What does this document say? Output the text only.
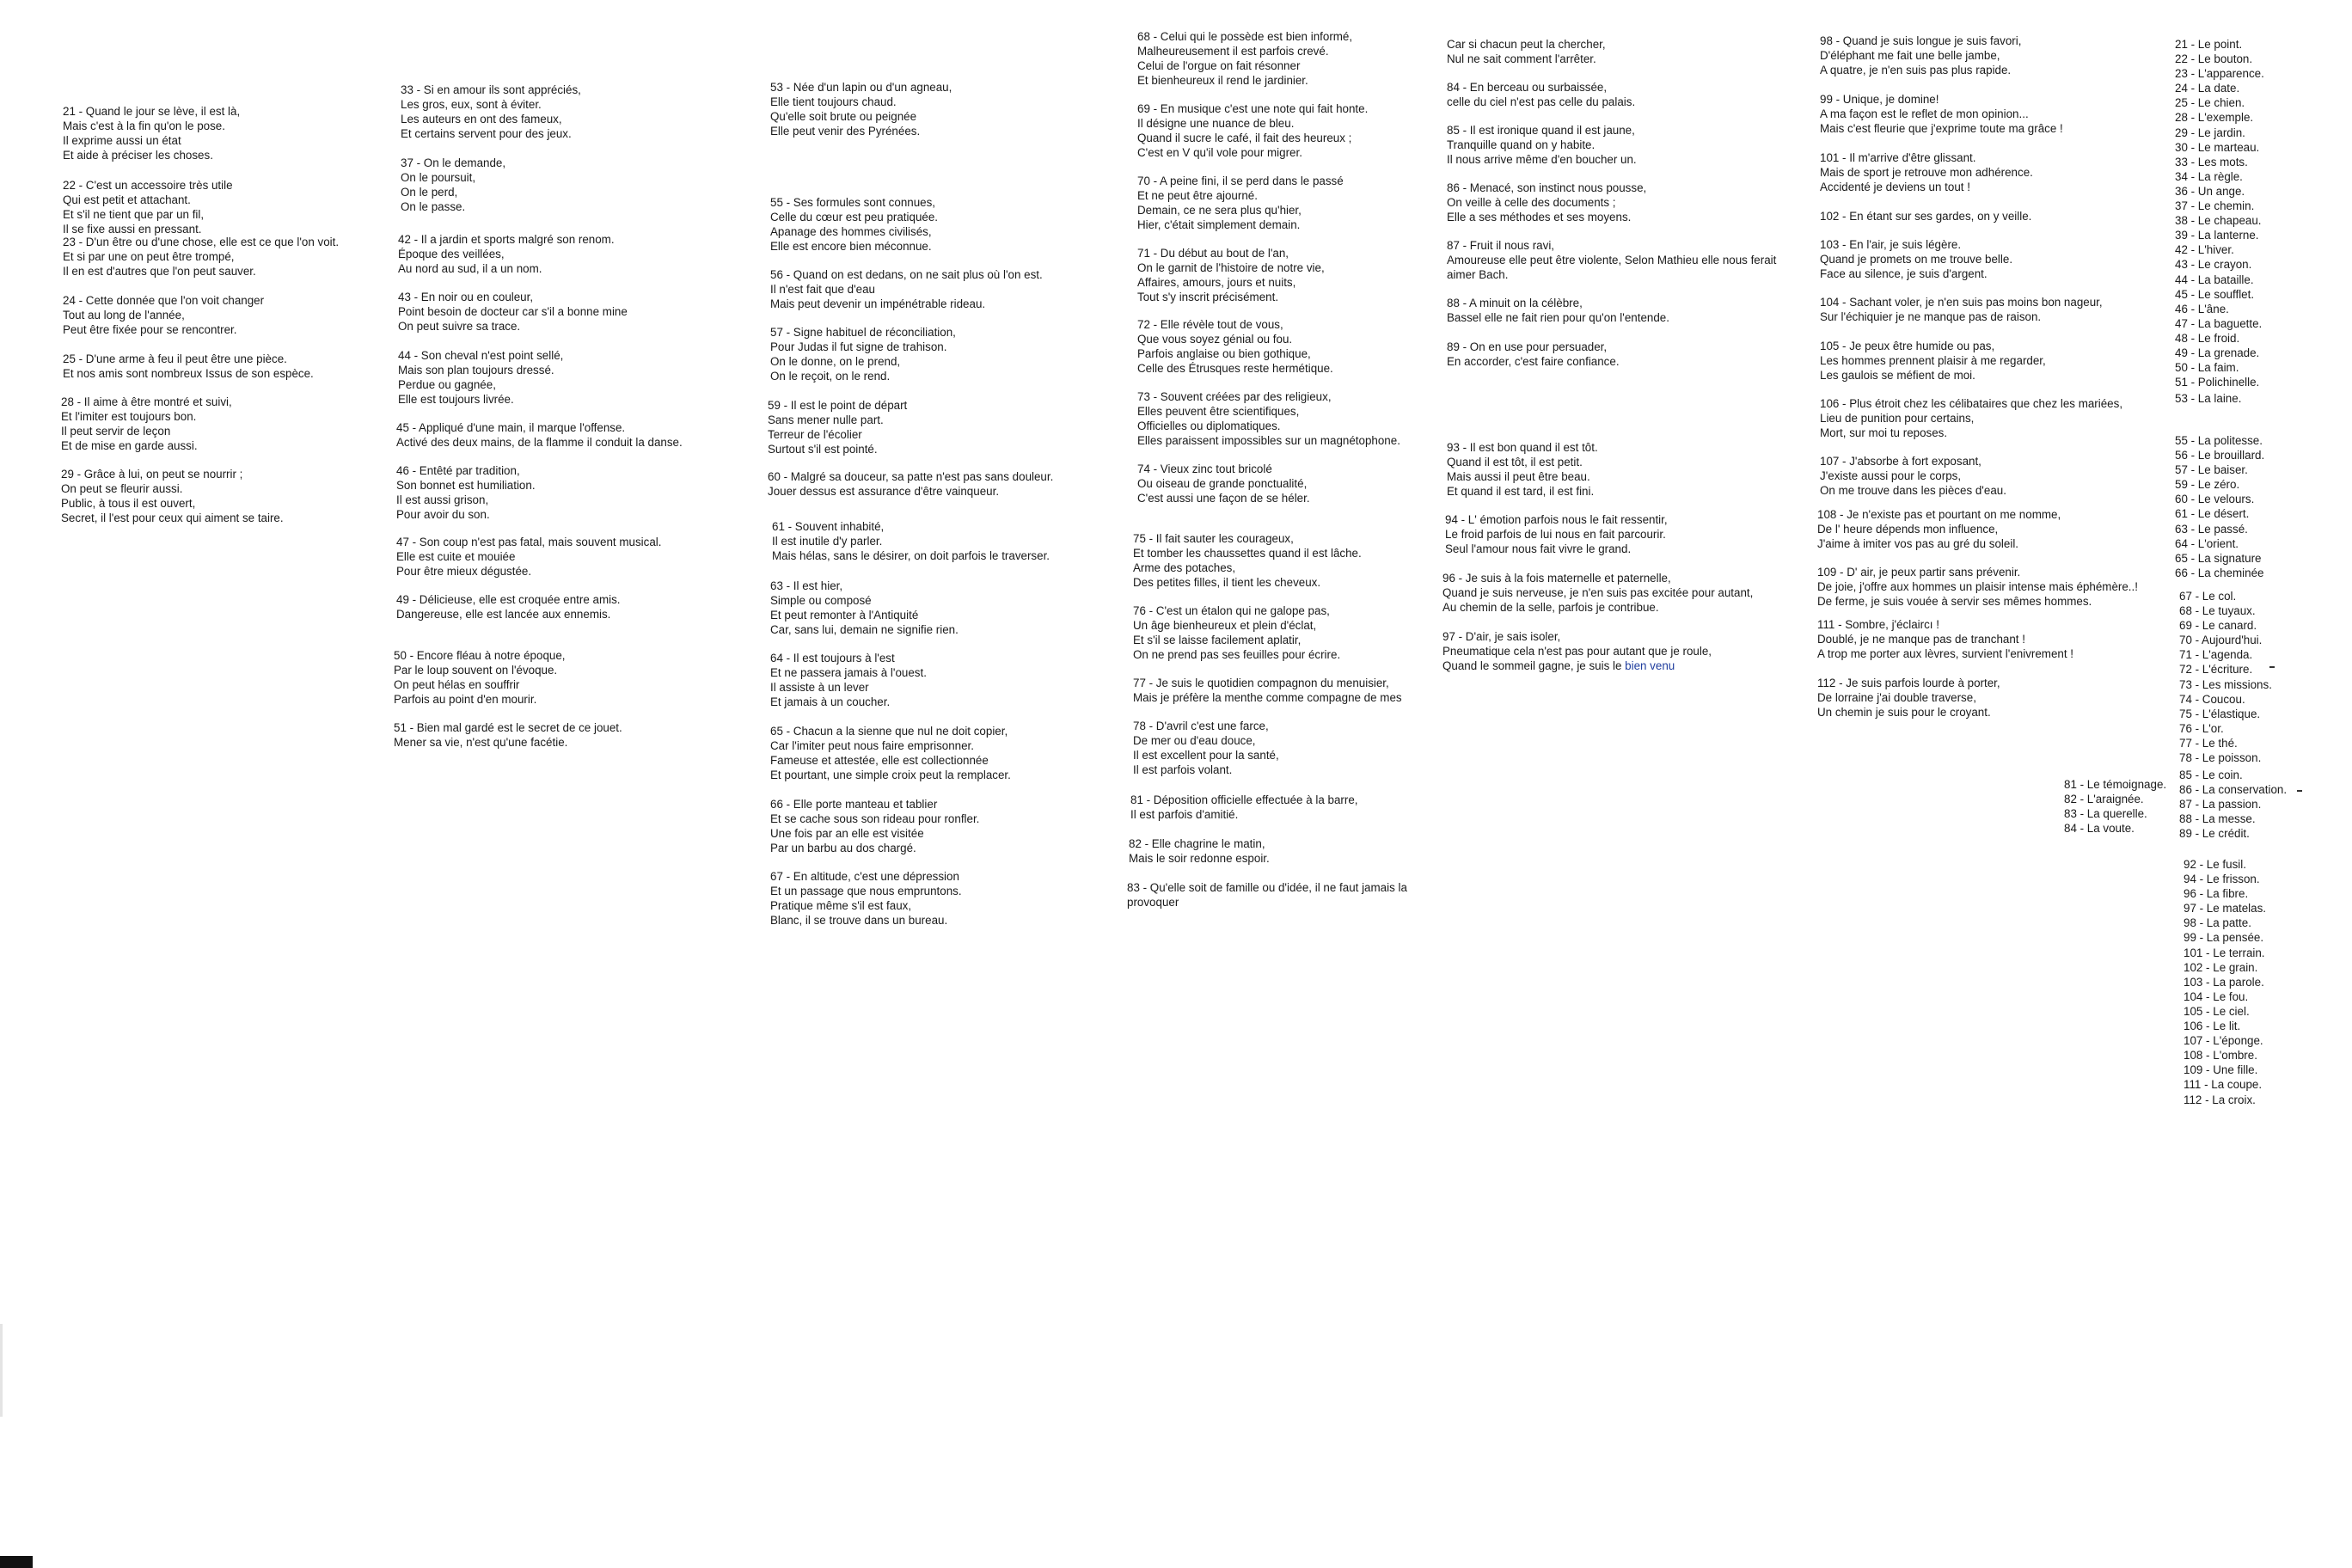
21 - Quand le jour se lève, il est là,
Mais c'est à la fin qu'on le pose.
Il exprime aussi un état
Et aide à préciser les choses.

22 - C'est un accessoire très utile
Qui est petit et attachant.
Et s'il ne tient que par un fil,
Il se fixe aussi en pressant.

23 - D'un être ou d'une chose, elle est ce que l'on voit.
Et si par une on peut être trompé,
Il en est d'autres que l'on peut sauver.

24 - Cette donnée que l'on voit changer
Tout au long de l'année,
Peut être fixée pour se rencontrer.

25 - D'une arme à feu il peut être une pièce.
Et nos amis sont nombreux Issus de son espèce.

28 - Il aime à être montré et suivi,
Et l'imiter est toujours bon.
Il peut servir de leçon
Et de mise en garde aussi.

29 - Grâce à lui, on peut se nourrir ;
On peut se fleurir aussi.
Public, à tous il est ouvert,
Secret, il l'est pour ceux qui aiment se taire.

33 - Si en amour ils sont appréciés,
Les gros, eux, sont à éviter.
Les auteurs en ont des fameux,
Et certains servent pour des jeux.

37 - On le demande,
On le poursuit,
On le perd,
On le passe.

42 - Il a jardin et sports malgré son renom.
Époque des veillées,
Au nord au sud, il a un nom.

43 - En noir ou en couleur,
Point besoin de docteur car s'il a bonne mine
On peut suivre sa trace.

44 - Son cheval n'est point sellé,
Mais son plan toujours dressé.
Perdue ou gagnée,
Elle est toujours livrée.

45 - Appliqué d'une main, il marque l'offense.
Activé des deux mains, de la flamme il conduit la danse.

46 - Entêté par tradition,
Son bonnet est humiliation.
Il est aussi grison,
Pour avoir du son.

47 - Son coup n'est pas fatal, mais souvent musical.
Elle est cuite et mouiée
Pour être mieux dégustée.

49 - Délicieuse, elle est croquée entre amis.
Dangereuse, elle est lancée aux ennemis.

50 - Encore fléau à notre époque,
Par le loup souvent on l'évoque.
On peut hélas en souffrir
Parfois au point d'en mourir.

51 - Bien mal gardé est le secret de ce jouet.
Mener sa vie, n'est qu'une facétie.

53 - Née d'un lapin ou d'un agneau,
Elle tient toujours chaud.
Qu'elle soit brute ou peignée
Elle peut venir des Pyrénées.

55 - Ses formules sont connues,
Celle du cœur est peu pratiquée.
Apanage des hommes civilisés,
Elle est encore bien méconnue.

56 - Quand on est dedans, on ne sait plus où l'on est.
Il n'est fait que d'eau
Mais peut devenir un impénétrable rideau.

57 - Signe habituel de réconciliation,
Pour Judas il fut signe de trahison.
On le donne, on le prend,
On le reçoit, on le rend.

59 - Il est le point de départ
Sans mener nulle part.
Terreur de l'écolier
Surtout s'il est pointé.

60 - Malgré sa douceur, sa patte n'est pas sans douleur.
Jouer dessus est assurance d'être vainqueur.

61 - Souvent inhabité,
Il est inutile d'y parler.
Mais hélas, sans le désirer, on doit parfois le traverser.

63 - Il est hier,
Simple ou composé
Et peut remonter à l'Antiquité
Car, sans lui, demain ne signifie rien.

64 - Il est toujours à l'est
Et ne passera jamais à l'ouest.
Il assiste à un lever
Et jamais à un coucher.

65 - Chacun a la sienne que nul ne doit copier,
Car l'imiter peut nous faire emprisonner.
Fameuse et attestée, elle est collectionnée
Et pourtant, une simple croix peut la remplacer.

66 - Elle porte manteau et tablier
Et se cache sous son rideau pour ronfler.
Une fois par an elle est visitée
Par un barbu au dos chargé.

67 - En altitude, c'est une dépression
Et un passage que nous empruntons.
Pratique même s'il est faux,
Blanc, il se trouve dans un bureau.

68 - Celui qui le possède est bien informé,
Malheureusement il est parfois crevé.
Celui de l'orgue on fait résonner
Et bienheureux il rend le jardinier.

69 - En musique c'est une note qui fait honte.
Il désigne une nuance de bleu.
Quand il sucre le café, il fait des heureux ;
C'est en V qu'il vole pour migrer.

70 - A peine fini, il se perd dans le passé
Et ne peut être ajourné.
Demain, ce ne sera plus qu'hier,
Hier, c'était simplement demain.

71 - Du début au bout de l'an,
On le garnit de l'histoire de notre vie,
Affaires, amours, jours et nuits,
Tout s'y inscrit précisément.

72 - Elle révèle tout de vous,
Que vous soyez génial ou fou.
Parfois anglaise ou bien gothique,
Celle des Étrusques reste hermétique.

73 - Souvent créées par des religieux,
Elles peuvent être scientifiques,
Officielles ou diplomatiques.
Elles paraissent impossibles sur un magnétophone.

74 - Vieux zinc tout bricolé
Ou oiseau de grande ponctualité,
C'est aussi une façon de se héler.

75 - Il fait sauter les courageux,
Et tomber les chaussettes quand il est lâche.
Arme des potaches,
Des petites filles, il tient les cheveux.

76 - C'est un étalon qui ne galope pas,
Un âge bienheureux et plein d'éclat,
Et s'il se laisse facilement aplatir,
On ne prend pas ses feuilles pour écrire.

77 - Je suis le quotidien compagnon du menuisier,
Mais je préfère la menthe comme compagne de mes

78 - D'avril c'est une farce,
De mer ou d'eau douce,
Il est excellent pour la santé,
Il est parfois volant.

81 - Déposition officielle effectuée à la barre,
Il est parfois d'amitié.

82 - Elle chagrine le matin,
Mais le soir redonne espoir.

83 - Qu'elle soit de famille ou d'idée, il ne faut jamais la
provoquer

Car si chacun peut la chercher,
Nul ne sait comment l'arrêter.

84 - En berceau ou surbaissée,
celle du ciel n'est pas celle du palais.

85 - Il est ironique quand il est jaune,
Tranquille quand on y habite.
Il nous arrive même d'en boucher un.

86 - Menacé, son instinct nous pousse,
On veille à celle des documents ;
Elle a ses méthodes et ses moyens.

87 - Fruit il nous ravi,
Amoureuse elle peut être violente, Selon Mathieu elle nous ferait
aimer Bach.

88 - A minuit on la célèbre,
Bassel elle ne fait rien pour qu'on l'entende.

89 - On en use pour persuader,
En accorder, c'est faire confiance.

93 - Il est bon quand il est tôt.
Quand il est tôt, il est petit.
Mais aussi il peut être beau.
Et quand il est tard, il est fini.

94 - L' émotion parfois nous le fait ressentir,
Le froid parfois de lui nous en fait parcourir.
Seul l'amour nous fait vivre le grand.

96 - Je suis à la fois maternelle et paternelle,
Quand je suis nerveuse, je n'en suis pas excitée pour autant,
Au chemin de la selle, parfois je contribue.

97 - D'air, je sais isoler,
Pneumatique cela n'est pas pour autant que je roule,
Quand le sommeil gagne, je suis le bien venu

98 - Quand je suis longue je suis favori,
D'éléphant me fait une belle jambe,
A quatre, je n'en suis pas plus rapide.

99 - Unique, je domine!
A ma façon est le reflet de mon opinion...
Mais c'est fleurie que j'exprime toute ma grâce !

101 - Il m'arrive d'être glissant.
Mais de sport je retrouve mon adhérence.
Accidenté je deviens un tout !

102 - En étant sur ses gardes, on y veille.

103 - En l'air, je suis légère.
Quand je promets on me trouve belle.
Face au silence, je suis d'argent.

104 - Sachant voler, je n'en suis pas moins bon nageur,
Sur l'échiquier je ne manque pas de raison.

105 - Je peux être humide ou pas,
Les hommes prennent plaisir à me regarder,
Les gaulois se méfient de moi.

106 - Plus étroit chez les célibataires que chez les mariées,
Lieu de punition pour certains,
Mort, sur moi tu reposes.

107 - J'absorbe à fort exposant,
J'existe aussi pour le corps,
On me trouve dans les pièces d'eau.

108 - Je n'existe pas et pourtant on me nomme,
De l' heure dépends mon influence,
J'aime à imiter vos pas au gré du soleil.

109 - D' air, je peux partir sans prévenir.
De joie, j'offre aux hommes un plaisir intense mais éphémère..!
De ferme, je suis vouée à servir ses mêmes hommes.

111 - Sombre, j'éclaircı !
Doublé, je ne manque pas de tranchant !
A trop me porter aux lèvres, survient l'enivrement !

112 - Je suis parfois lourde à porter,
De lorraine j'ai double traverse,
Un chemin je suis pour le croyant.

21 - Le point.
22 - Le bouton.
23 - L'apparence.
24 - La date.
25 - Le chien.
28 - L'exemple.
29 - Le jardin.
30 - Le marteau.
33 - Les mots.
34 - La règle.
36 - Un ange.
37 - Le chemin.
38 - Le chapeau.
39 - La lanterne.
42 - L'hiver.
43 - Le crayon.
44 - La bataille.
45 - Le soufflet.
46 - L'âne.
47 - La baguette.
48 - Le froid.
49 - La grenade.
50 - La faim.
51 - Polichinelle.

53 - La laine.

55 - La politesse.
56 - Le brouillard.
57 - Le baiser.
59 - Le zéro.
60 - Le velours.
61 - Le désert.
63 - Le passé.
64 - L'orient.
65 - La signature
66 - La cheminée

67 - Le col.
68 - Le tuyaux.
69 - Le canard.
70 - Aujourd'hui.
71 - L'agenda.
72 - L'écriture.
73 - Les missions.
74 - Coucou.
75 - L'élastique.
76 - L'or.
77 - Le thé.
78 - Le poisson.

85 - Le coin.
86 - La conservation.
87 - La passion.
88 - La messe.
89 - Le crédit.

81 - Le témoignage.
82 - L'araignée.
83 - La querelle.
84 - La voute.

92 - Le fusil.
94 - Le frisson.
96 - La fibre.
97 - Le matelas.
98 - La patte.
99 - La pensée.
101 - Le terrain.
102 - Le grain.
103 - La parole.
104 - Le fou.
105 - Le ciel.
106 - Le lit.
107 - L'éponge.
108 - L'ombre.
109 - Une fille.
111 - La coupe.
112 - La croix.
